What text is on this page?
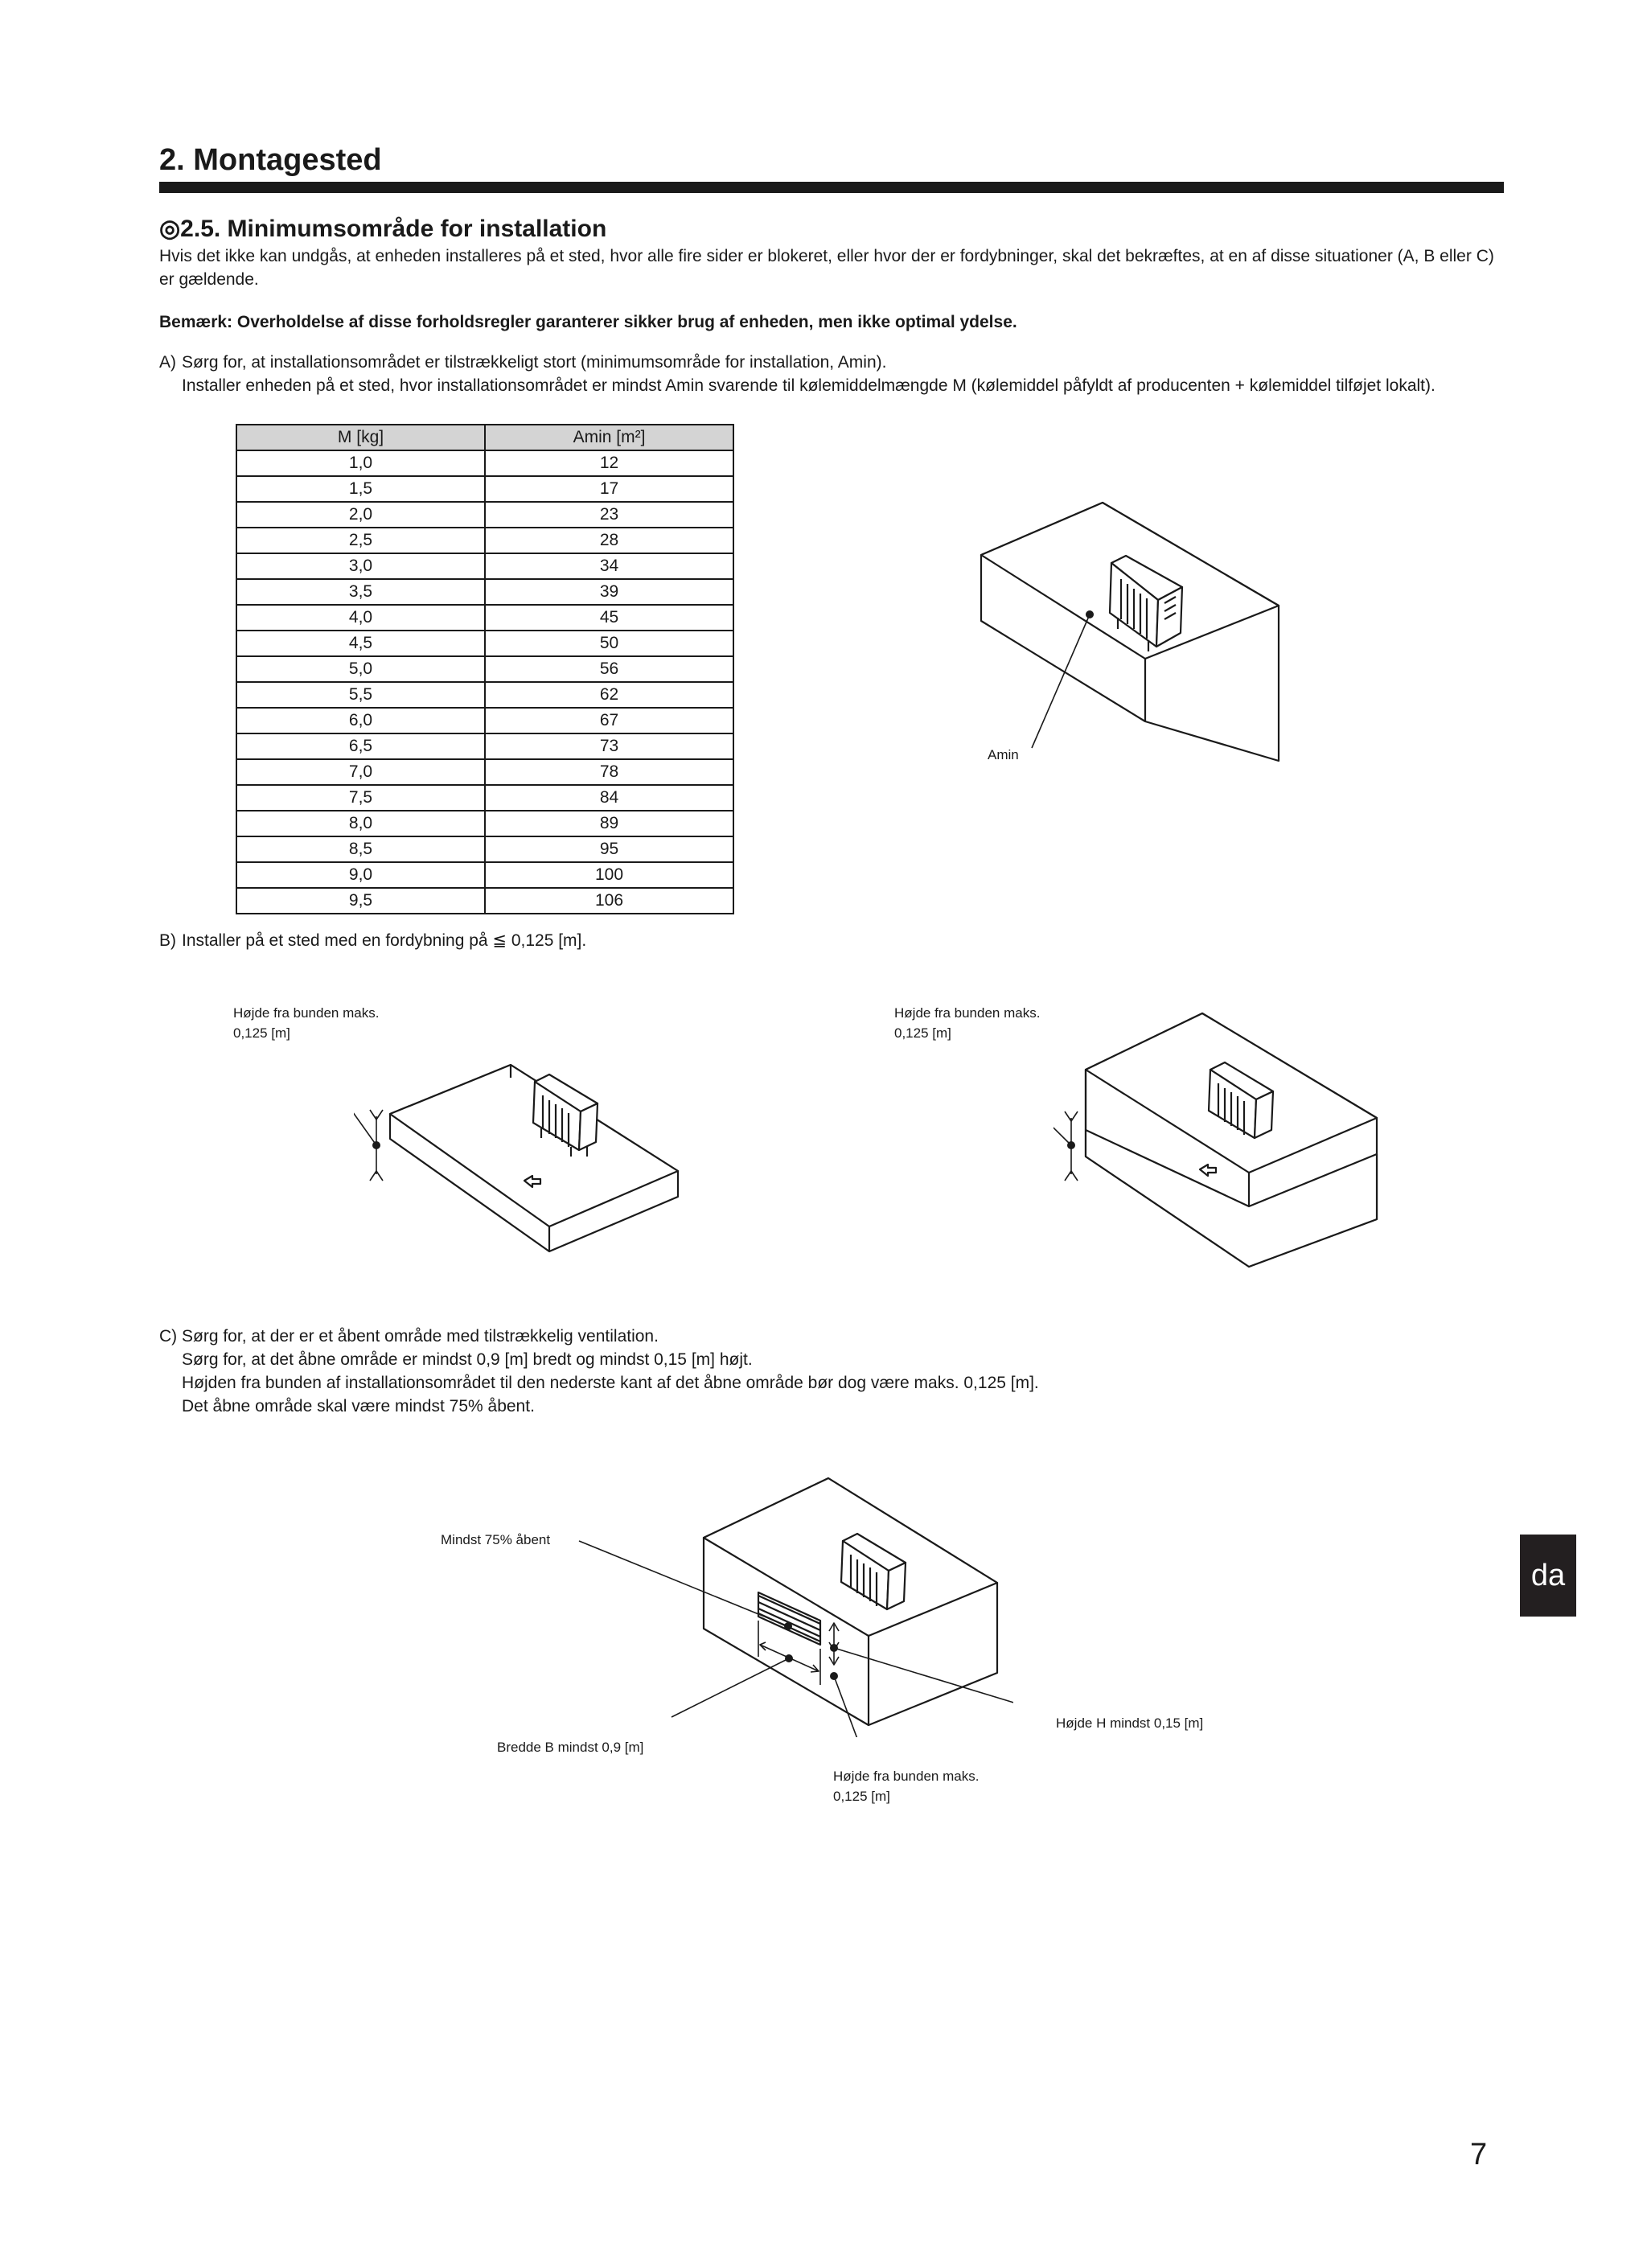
2. Montagested
◎2.5. Minimumsområde for installation
Hvis det ikke kan undgås, at enheden installeres på et sted, hvor alle fire sider er blokeret, eller hvor der er fordybninger, skal det bekræftes, at en af disse situationer (A, B eller C) er gældende.
Bemærk: Overholdelse af disse forholdsregler garanterer sikker brug af enheden, men ikke optimal ydelse.
A) Sørg for, at installationsområdet er tilstrækkeligt stort (minimumsområde for installation, Amin).
Installer enheden på et sted, hvor installationsområdet er mindst Amin svarende til kølemiddelmængde M (kølemiddel påfyldt af producenten + kølemiddel tilføjet lokalt).
M [kg]	Amin [m²]
1,0	12
1,5	17
2,0	23
2,5	28
3,0	34
3,5	39
4,0	45
4,5	50
5,0	56
5,5	62
6,0	67
6,5	73
7,0	78
7,5	84
8,0	89
8,5	95
9,0	100
9,5	106
Amin
B) Installer på et sted med en fordybning på ≦ 0,125 [m].
Højde fra bunden maks.
0,125 [m]
Højde fra bunden maks.
0,125 [m]
C) Sørg for, at der er et åbent område med tilstrækkelig ventilation.
Sørg for, at det åbne område er mindst 0,9 [m] bredt og mindst 0,15 [m] højt.
Højden fra bunden af installationsområdet til den nederste kant af det åbne område bør dog være maks. 0,125 [m].
Det åbne område skal være mindst 75% åbent.
Mindst 75% åbent
Bredde B mindst 0,9 [m]
Højde H mindst 0,15 [m]
Højde fra bunden maks.
0,125 [m]
da
7
